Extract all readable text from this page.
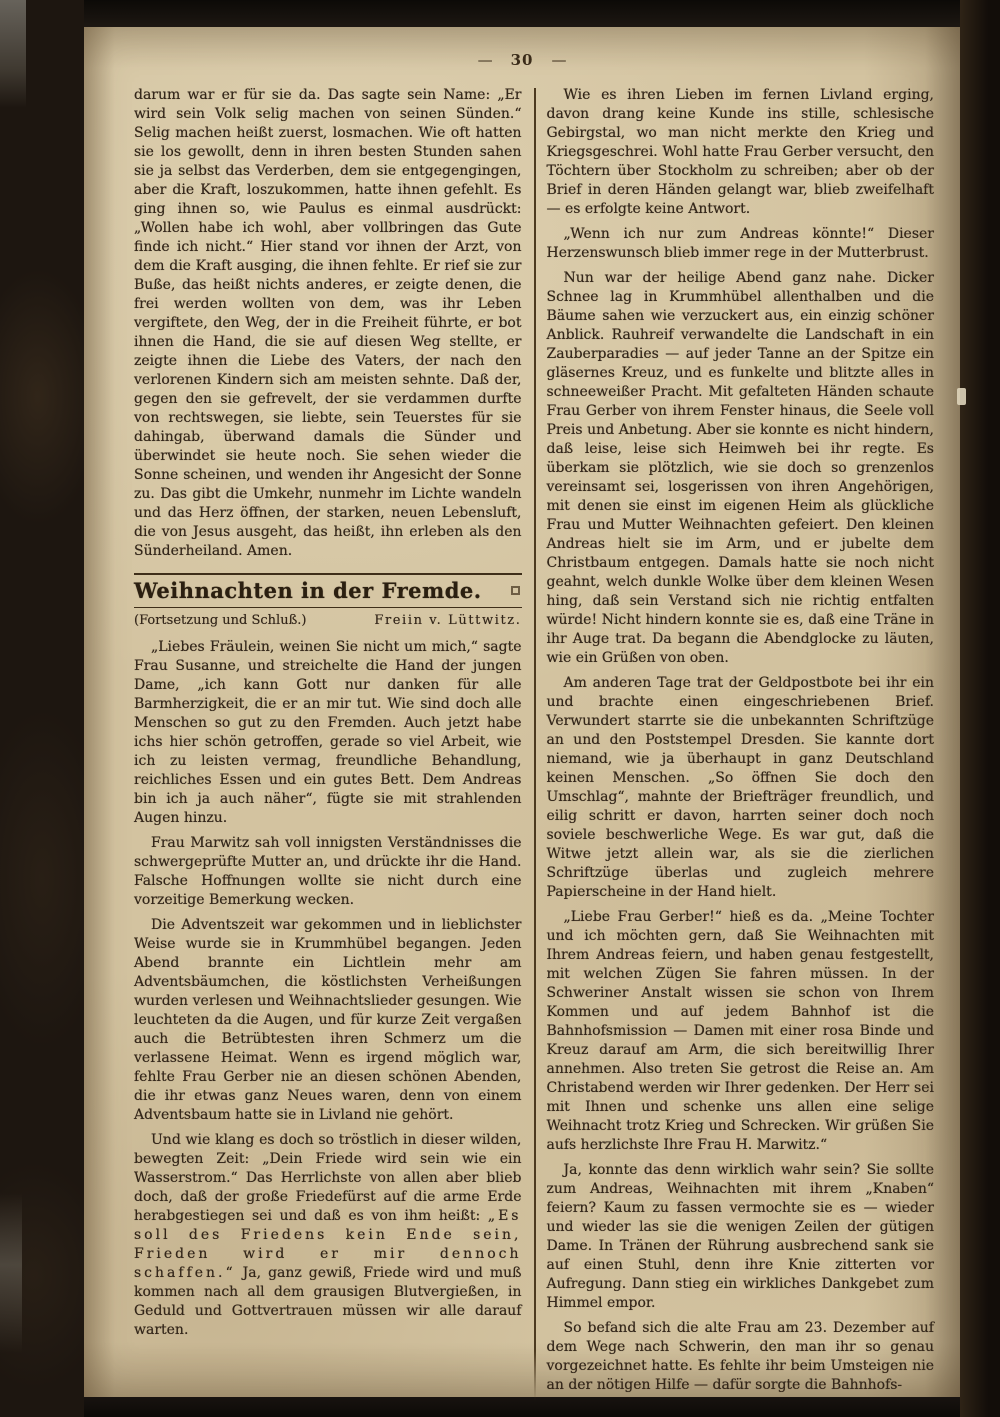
— 30 —

darum war er für sie da. Das sagte sein Name: „Er wird sein Volk selig machen von seinen Sünden.“ Selig machen heißt zuerst, losmachen. Wie oft hatten sie los gewollt, denn in ihren besten Stunden sahen sie ja selbst das Verderben, dem sie entgegengingen, aber die Kraft, loszukommen, hatte ihnen gefehlt. Es ging ihnen so, wie Paulus es einmal ausdrückt: „Wollen habe ich wohl, aber vollbringen das Gute finde ich nicht.“ Hier stand vor ihnen der Arzt, von dem die Kraft ausging, die ihnen fehlte. Er rief sie zur Buße, das heißt nichts anderes, er zeigte denen, die frei werden wollten von dem, was ihr Leben vergiftete, den Weg, der in die Freiheit führte, er bot ihnen die Hand, die sie auf diesen Weg stellte, er zeigte ihnen die Liebe des Vaters, der nach den verlorenen Kindern sich am meisten sehnte. Daß der, gegen den sie gefrevelt, der sie verdammen durfte von rechtswegen, sie liebte, sein Teuerstes für sie dahingab, überwand damals die Sünder und überwindet sie heute noch. Sie sehen wieder die Sonne scheinen, und wenden ihr Angesicht der Sonne zu. Das gibt die Umkehr, nunmehr im Lichte wandeln und das Herz öffnen, der starken, neuen Lebensluft, die von Jesus ausgeht, das heißt, ihn erleben als den Sünderheiland. Amen.

Weihnachten in der Fremde.
(Fortsetzung und Schluß.)	Freiin v. Lüttwitz.

„Liebes Fräulein, weinen Sie nicht um mich,“ sagte Frau Susanne, und streichelte die Hand der jungen Dame, „ich kann Gott nur danken für alle Barmherzigkeit, die er an mir tut. Wie sind doch alle Menschen so gut zu den Fremden. Auch jetzt habe ichs hier schön getroffen, gerade so viel Arbeit, wie ich zu leisten vermag, freundliche Behandlung, reichliches Essen und ein gutes Bett. Dem Andreas bin ich ja auch näher“, fügte sie mit strahlenden Augen hinzu.

Frau Marwitz sah voll innigsten Verständnisses die schwergeprüfte Mutter an, und drückte ihr die Hand. Falsche Hoffnungen wollte sie nicht durch eine vorzeitige Bemerkung wecken.

Die Adventszeit war gekommen und in lieblichster Weise wurde sie in Krummhübel begangen. Jeden Abend brannte ein Lichtlein mehr am Adventsbäumchen, die köstlichsten Verheißungen wurden verlesen und Weihnachtslieder gesungen. Wie leuchteten da die Augen, und für kurze Zeit vergaßen auch die Betrübtesten ihren Schmerz um die verlassene Heimat. Wenn es irgend möglich war, fehlte Frau Gerber nie an diesen schönen Abenden, die ihr etwas ganz Neues waren, denn von einem Adventsbaum hatte sie in Livland nie gehört.

Und wie klang es doch so tröstlich in dieser wilden, bewegten Zeit: „Dein Friede wird sein wie ein Wasserstrom.“ Das Herrlichste von allen aber blieb doch, daß der große Friedefürst auf die arme Erde herabgestiegen sei und daß es von ihm heißt: „Es soll des Friedens kein Ende sein, Frieden wird er mir dennoch schaffen.“ Ja, ganz gewiß, Friede wird und muß kommen nach all dem grausigen Blutvergießen, in Geduld und Gottvertrauen müssen wir alle darauf warten.

Wie es ihren Lieben im fernen Livland erging, davon drang keine Kunde ins stille, schlesische Gebirgstal, wo man nicht merkte den Krieg und Kriegsgeschrei. Wohl hatte Frau Gerber versucht, den Töchtern über Stockholm zu schreiben; aber ob der Brief in deren Händen gelangt war, blieb zweifelhaft — es erfolgte keine Antwort.

„Wenn ich nur zum Andreas könnte!“ Dieser Herzenswunsch blieb immer rege in der Mutterbrust.

Nun war der heilige Abend ganz nahe. Dicker Schnee lag in Krummhübel allenthalben und die Bäume sahen wie verzuckert aus, ein einzig schöner Anblick. Rauhreif verwandelte die Landschaft in ein Zauberparadies — auf jeder Tanne an der Spitze ein gläsernes Kreuz, und es funkelte und blitzte alles in schneeweißer Pracht. Mit gefalteten Händen schaute Frau Gerber von ihrem Fenster hinaus, die Seele voll Preis und Anbetung. Aber sie konnte es nicht hindern, daß leise, leise sich Heimweh bei ihr regte. Es überkam sie plötzlich, wie sie doch so grenzenlos vereinsamt sei, losgerissen von ihren Angehörigen, mit denen sie einst im eigenen Heim als glückliche Frau und Mutter Weihnachten gefeiert. Den kleinen Andreas hielt sie im Arm, und er jubelte dem Christbaum entgegen. Damals hatte sie noch nicht geahnt, welch dunkle Wolke über dem kleinen Wesen hing, daß sein Verstand sich nie richtig entfalten würde! Nicht hindern konnte sie es, daß eine Träne in ihr Auge trat. Da begann die Abendglocke zu läuten, wie ein Grüßen von oben.

Am anderen Tage trat der Geldpostbote bei ihr ein und brachte einen eingeschriebenen Brief. Verwundert starrte sie die unbekannten Schriftzüge an und den Poststempel Dresden. Sie kannte dort niemand, wie ja überhaupt in ganz Deutschland keinen Menschen. „So öffnen Sie doch den Umschlag“, mahnte der Briefträger freundlich, und eilig schritt er davon, harrten seiner doch noch soviele beschwerliche Wege. Es war gut, daß die Witwe jetzt allein war, als sie die zierlichen Schriftzüge überlas und zugleich mehrere Papierscheine in der Hand hielt.

„Liebe Frau Gerber!“ hieß es da. „Meine Tochter und ich möchten gern, daß Sie Weihnachten mit Ihrem Andreas feiern, und haben genau festgestellt, mit welchen Zügen Sie fahren müssen. In der Schweriner Anstalt wissen sie schon von Ihrem Kommen und auf jedem Bahnhof ist die Bahnhofsmission — Damen mit einer rosa Binde und Kreuz darauf am Arm, die sich bereitwillig Ihrer annehmen. Also treten Sie getrost die Reise an. Am Christabend werden wir Ihrer gedenken. Der Herr sei mit Ihnen und schenke uns allen eine selige Weihnacht trotz Krieg und Schrecken. Wir grüßen Sie aufs herzlichste Ihre Frau H. Marwitz.“

Ja, konnte das denn wirklich wahr sein? Sie sollte zum Andreas, Weihnachten mit ihrem „Knaben“ feiern? Kaum zu fassen vermochte sie es — wieder und wieder las sie die wenigen Zeilen der gütigen Dame. In Tränen der Rührung ausbrechend sank sie auf einen Stuhl, denn ihre Knie zitterten vor Aufregung. Dann stieg ein wirkliches Dankgebet zum Himmel empor.

So befand sich die alte Frau am 23. Dezember auf dem Wege nach Schwerin, den man ihr so genau vorgezeichnet hatte. Es fehlte ihr beim Umsteigen nie an der nötigen Hilfe — dafür sorgte die Bahnhofs-
